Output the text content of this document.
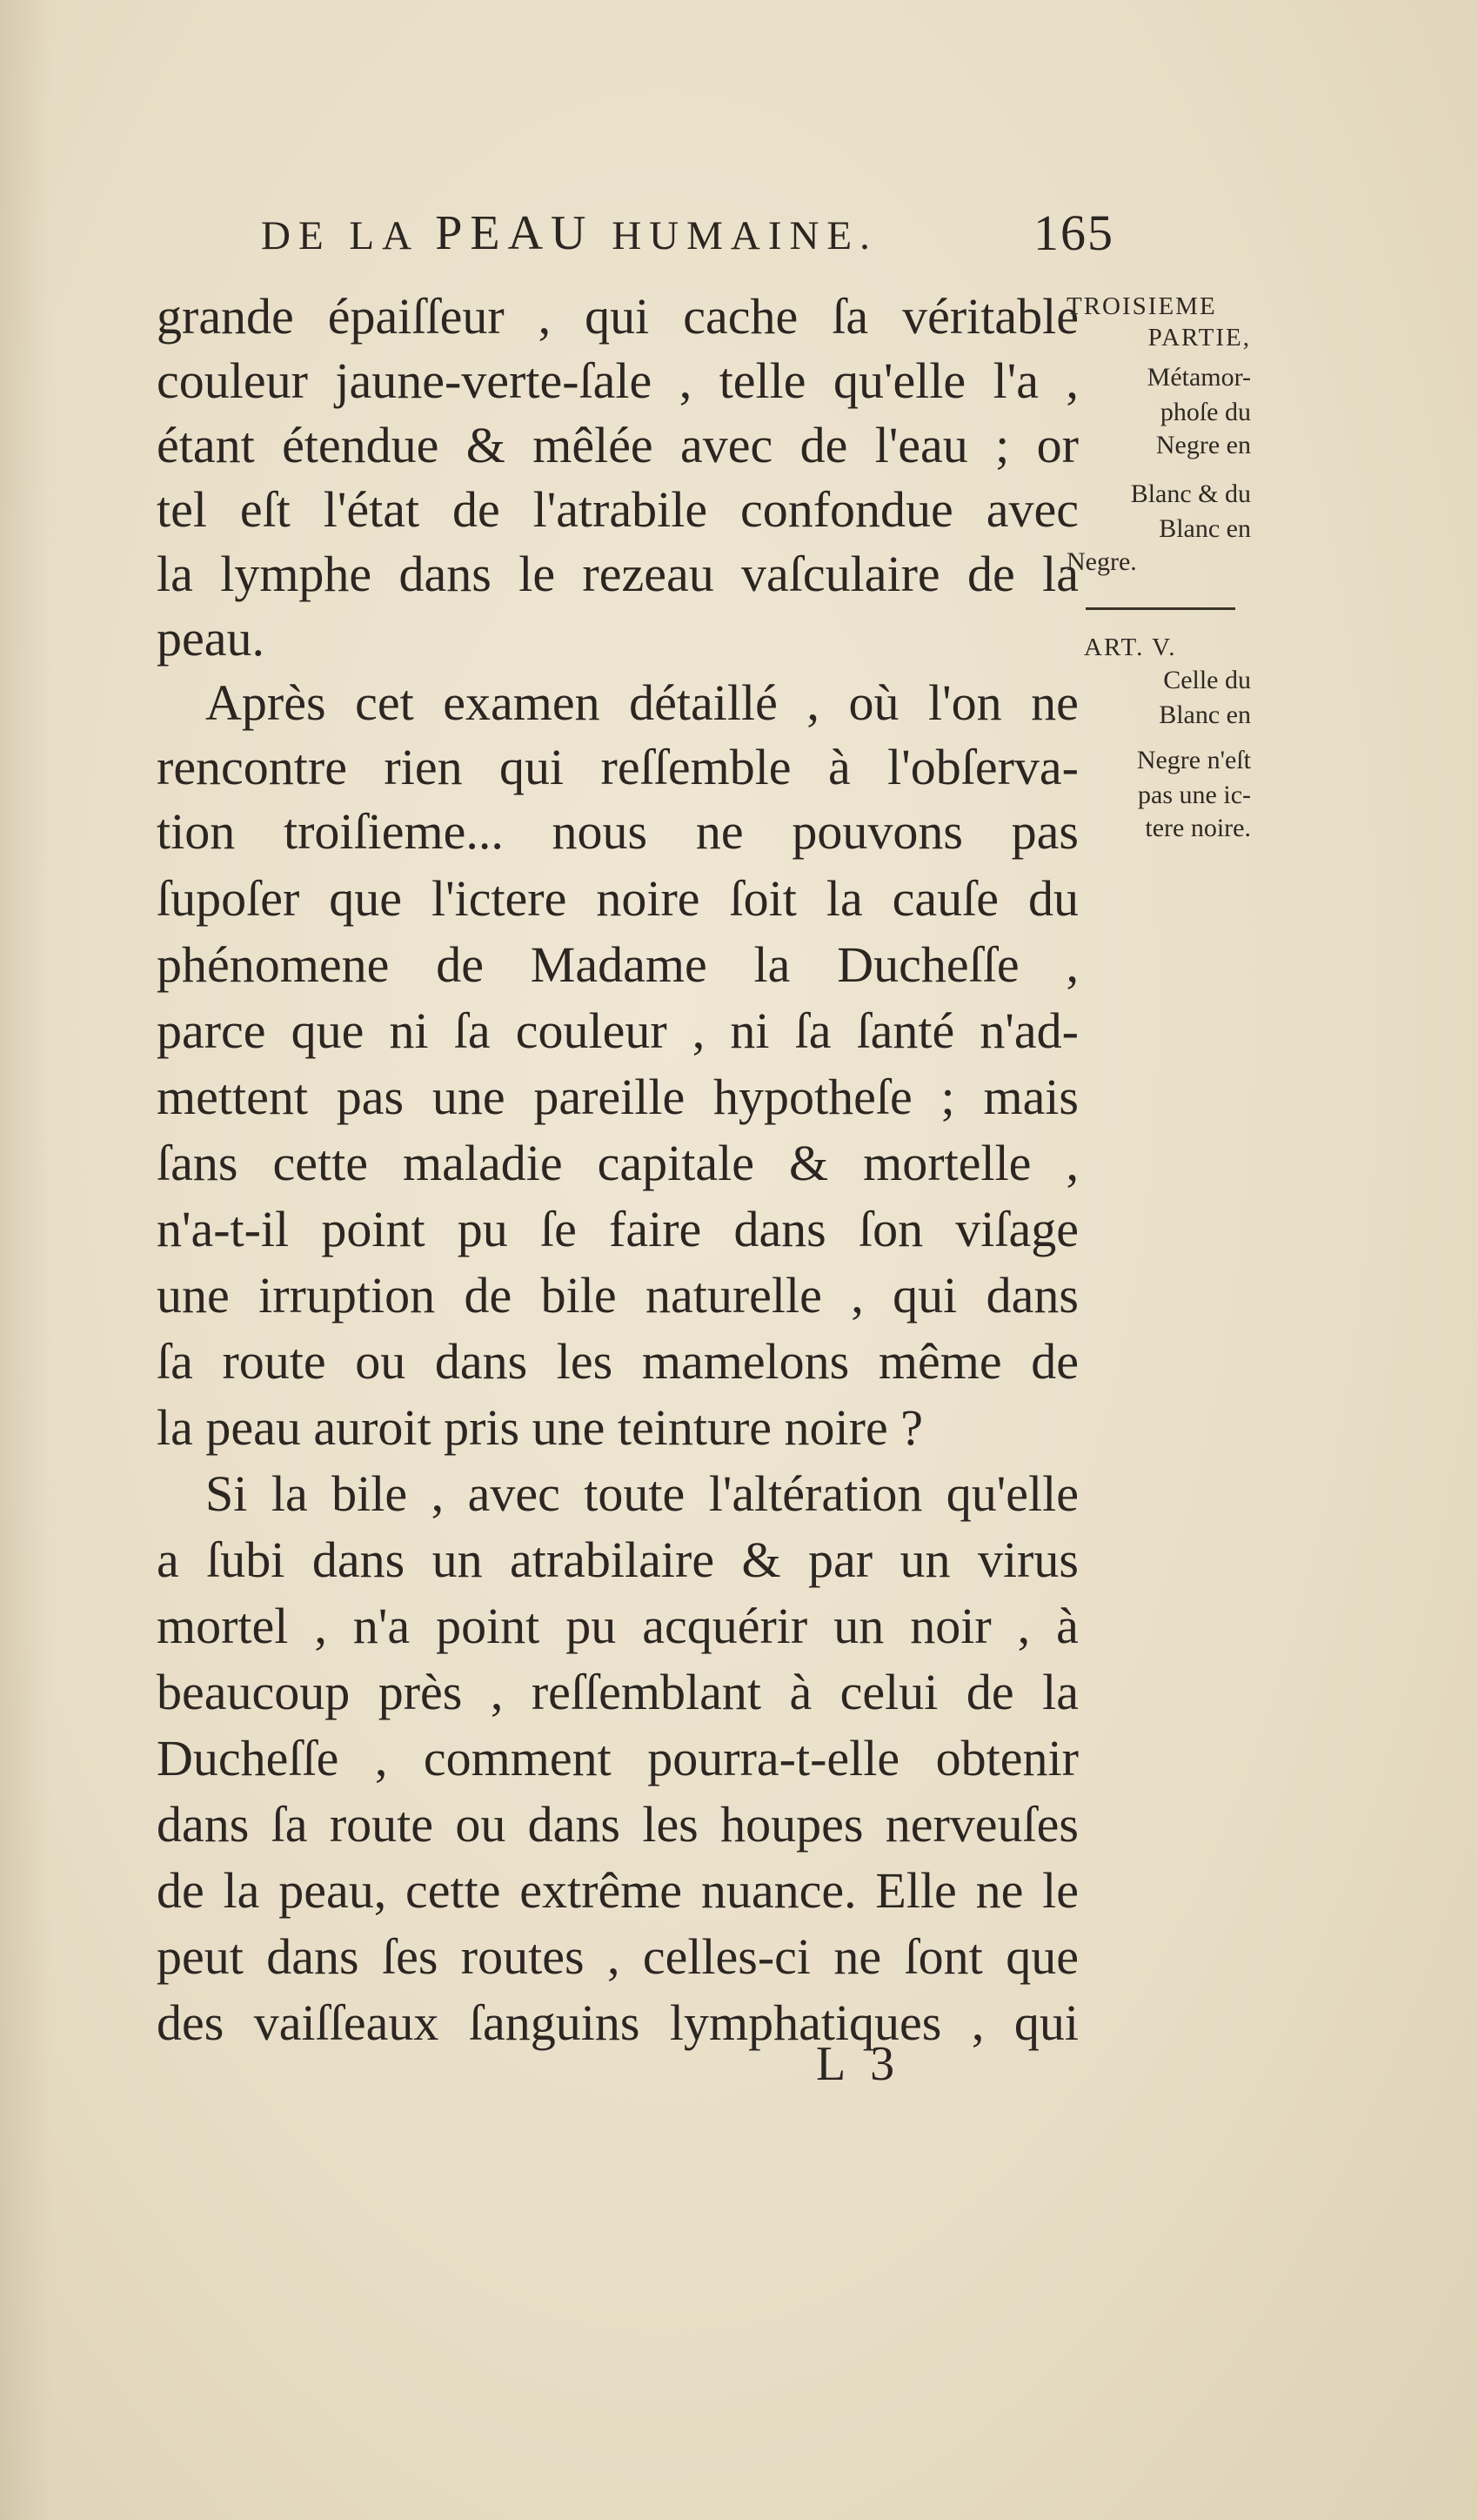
DE LA PEAU HUMAINE.	165
grande épaiſſeur , qui cache ſa véritable
couleur jaune-verte-ſale , telle qu'elle l'a ,
étant étendue & mêlée avec de l'eau ; or
tel eſt l'état de l'atrabile confondue avec
la lymphe dans le rezeau vaſculaire de la
peau.
Après cet examen détaillé , où l'on ne
rencontre rien qui reſſemble à l'obſerva-
tion troiſieme... nous ne pouvons pas
ſupoſer que l'ictere noire ſoit la cauſe du
phénomene de Madame la Ducheſſe ,
parce que ni ſa couleur , ni ſa ſanté n'ad-
mettent pas une pareille hypotheſe ; mais
ſans cette maladie capitale & mortelle ,
n'a-t-il point pu ſe faire dans ſon viſage
une irruption de bile naturelle , qui dans
ſa route ou dans les mamelons même de
la peau auroit pris une teinture noire ?
Si la bile , avec toute l'altération qu'elle
a ſubi dans un atrabilaire & par un virus
mortel , n'a point pu acquérir un noir , à
beaucoup près , reſſemblant à celui de la
Ducheſſe , comment pourra-t-elle obtenir
dans ſa route ou dans les houpes nerveuſes
de la peau, cette extrême nuance. Elle ne le
peut dans ſes routes , celles-ci ne ſont que
des vaiſſeaux ſanguins lymphatiques , qui
TROISIEME
PARTIE,
Métamor-
phoſe du
Negre en
Blanc & du
Blanc en
Negre.
ART. V.
Celle du
Blanc en
Negre n'eſt
pas une ic-
tere noire.
L 3
